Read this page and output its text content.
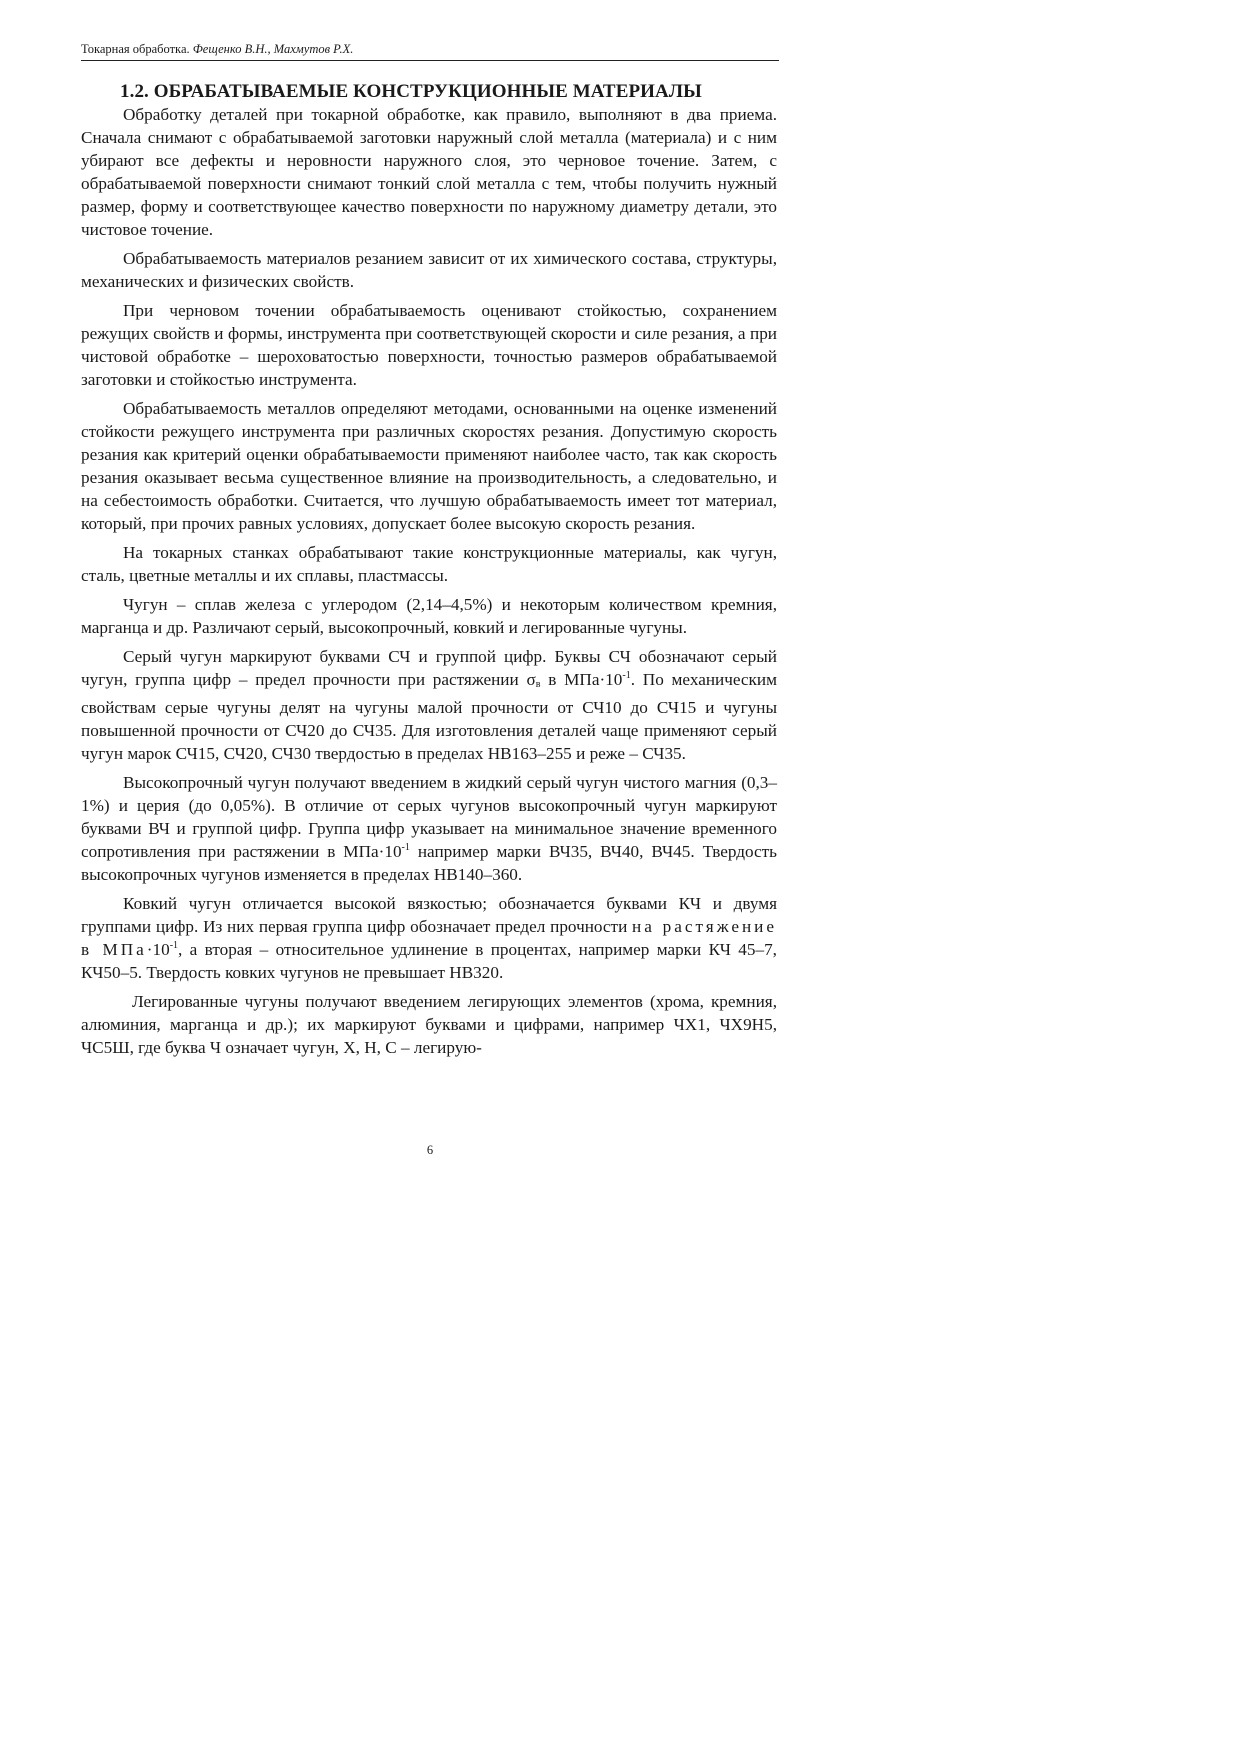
Токарная обработка. Фещенко В.Н., Махмутов Р.Х.
1.2. ОБРАБАТЫВАЕМЫЕ КОНСТРУКЦИОННЫЕ МАТЕРИАЛЫ

Обработку деталей при токарной обработке, как правило, выполняют в два приема. Сначала снимают с обрабатываемой заготовки наружный слой металла (материала) и с ним убирают все дефекты и неровности наружного слоя, это черновое точение. Затем, с обрабатываемой поверхности снимают тонкий слой металла с тем, чтобы получить нужный размер, форму и соответствующее качество поверхности по наружному диаметру детали, это чистовое точение.

Обрабатываемость материалов резанием зависит от их химического состава, структуры, механических и физических свойств.

При черновом точении обрабатываемость оценивают стойкостью, сохранением режущих свойств и формы, инструмента при соответствующей скорости и силе резания, а при чистовой обработке – шероховатостью поверхности, точностью размеров обрабатываемой заготовки и стойкостью инструмента.

Обрабатываемость металлов определяют методами, основанными на оценке изменений стойкости режущего инструмента при различных скоростях резания. Допустимую скорость резания как критерий оценки обрабатываемости применяют наиболее часто, так как скорость резания оказывает весьма существенное влияние на производительность, а следовательно, и на себестоимость обработки. Считается, что лучшую обрабатываемость имеет тот материал, который, при прочих равных условиях, допускает более высокую скорость резания.

На токарных станках обрабатывают такие конструкционные материалы, как чугун, сталь, цветные металлы и их сплавы, пластмассы.

Чугун – сплав железа с углеродом (2,14–4,5%) и некоторым количеством кремния, марганца и др. Различают серый, высокопрочный, ковкий и легированные чугуны.

Серый чугун маркируют буквами СЧ и группой цифр. Буквы СЧ обозначают серый чугун, группа цифр – предел прочности при растяжении σв в $МПа\cdot 10^{-1}$. По механическим свойствам серые чугуны делят на чугуны малой прочности от СЧ10 до СЧ15 и чугуны повышенной прочности от СЧ20 до СЧ35. Для изготовления деталей чаще применяют серый чугун марок СЧ15, СЧ20, СЧ30 твердостью в пределах НВ163–255 и реже – СЧ35.

Высокопрочный чугун получают введением в жидкий серый чугун чистого магния (0,3–1%) и церия (до 0,05%). В отличие от серых чугунов высокопрочный чугун маркируют буквами ВЧ и группой цифр. Группа цифр указывает на минимальное значение временного сопротивления при растяжении в $МПа\cdot 10^{-1}$ например марки ВЧ35, ВЧ40, ВЧ45. Твердость высокопрочных чугунов изменяется в пределах НВ140–360.

Ковкий чугун отличается высокой вязкостью; обозначается буквами КЧ и двумя группами цифр. Из них первая группа цифр обозначает предел прочности на растяжение в $МПа\cdot 10^{-1}$, а вторая – относительное удлинение в процентах, например марки КЧ 45–7, КЧ50–5. Твердость ковких чугунов не превышает НВ320.

Легированные чугуны получают введением легирующих элементов (хрома, кремния, алюминия, марганца и др.); их маркируют буквами и цифрами, например ЧХ1, ЧХ9Н5, ЧС5Ш, где буква Ч означает чугун, Х, Н, С – легирую-

6
